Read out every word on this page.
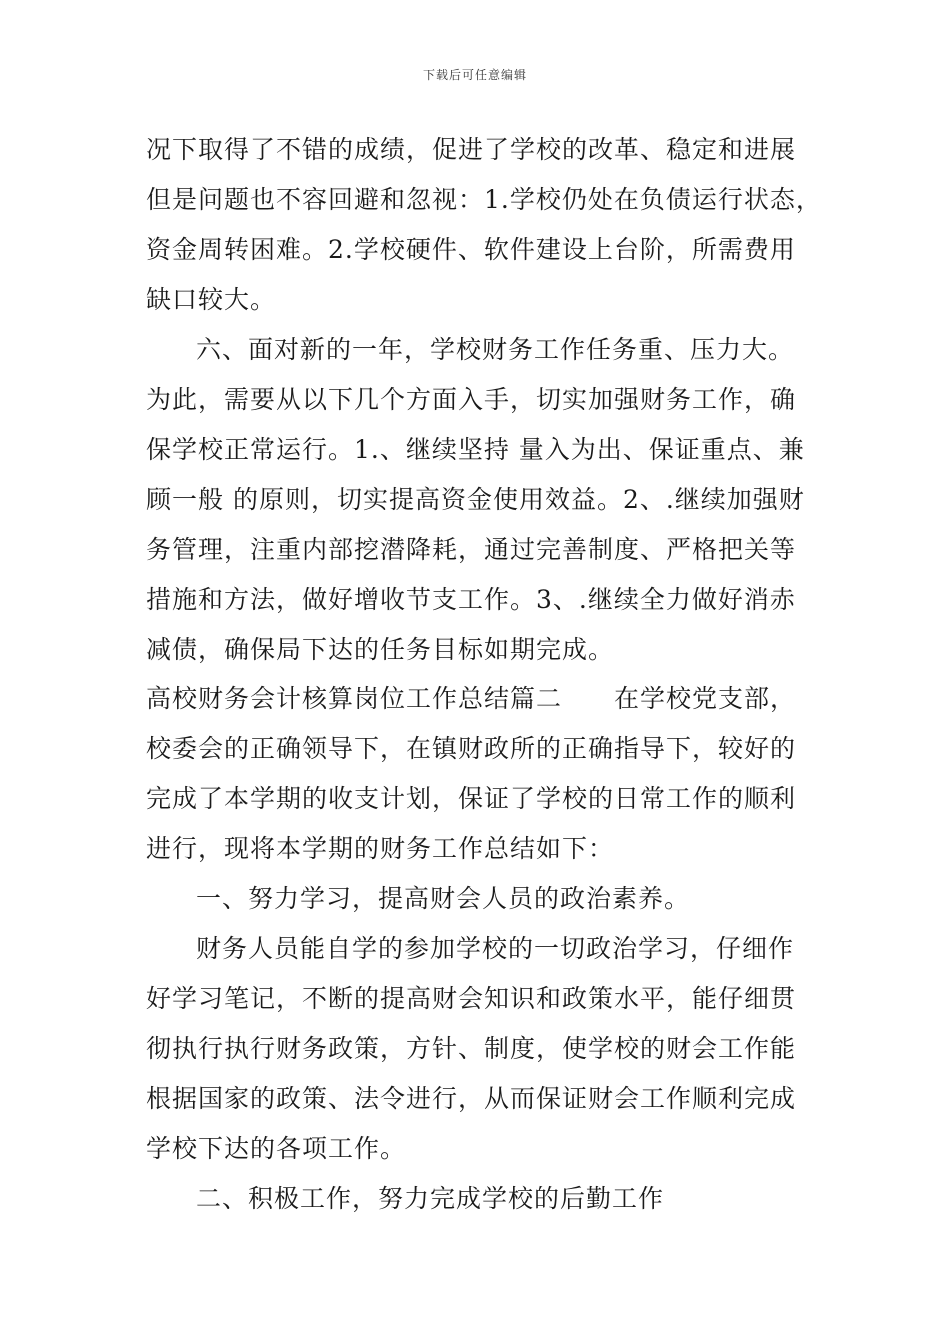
下载后可任意编辑
况下取得了不错的成绩，促进了学校的改革、稳定和进展
但是问题也不容回避和忽视：1.学校仍处在负债运行状态，
资金周转困难。2.学校硬件、软件建设上台阶，所需费用
缺口较大。
六、面对新的一年，学校财务工作任务重、压力大。
为此，需要从以下几个方面入手，切实加强财务工作，确
保学校正常运行。1.、继续坚持 量入为出、保证重点、兼
顾一般 的原则，切实提高资金使用效益。2、.继续加强财
务管理，注重内部挖潜降耗，通过完善制度、严格把关等
措施和方法，做好增收节支工作。3、.继续全力做好消赤
减债，确保局下达的任务目标如期完成。
高校财务会计核算岗位工作总结篇二　　在学校党支部，
校委会的正确领导下，在镇财政所的正确指导下，较好的
完成了本学期的收支计划，保证了学校的日常工作的顺利
进行，现将本学期的财务工作总结如下：
一、努力学习，提高财会人员的政治素养。
财务人员能自学的参加学校的一切政治学习，仔细作
好学习笔记，不断的提高财会知识和政策水平，能仔细贯
彻执行执行财务政策，方针、制度，使学校的财会工作能
根据国家的政策、法令进行，从而保证财会工作顺利完成
学校下达的各项工作。
二、积极工作，努力完成学校的后勤工作
